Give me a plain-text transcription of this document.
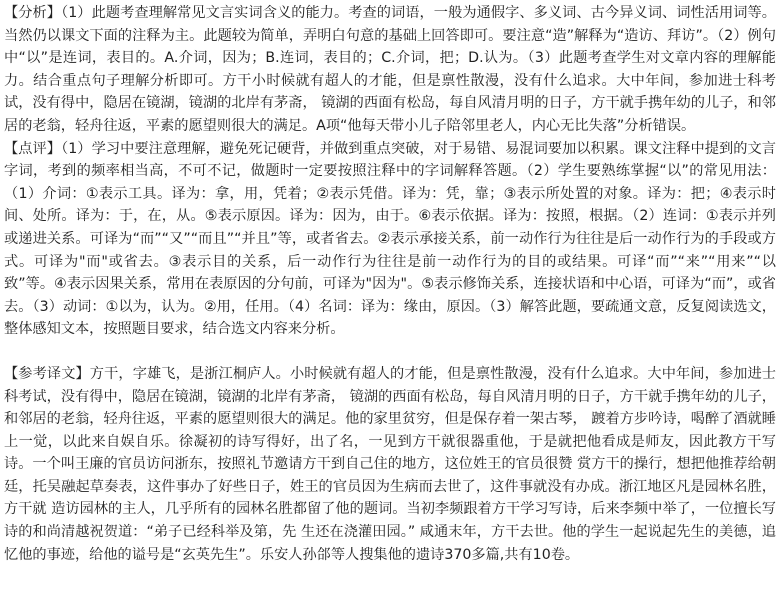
【分析】（1）此题考查理解常见文言实词含义的能力。考查的词语，一般为通假字、多义词、古今异义词、词性活用词等。当然仍以课文下面的注释为主。此题较为简单，弄明白句意的基础上回答即可。要注意“造”解释为“造访、拜访”。（2）例句中“以”是连词，表目的。A.介词，因为；B.连词，表目的；C.介词，把；D.认为。（3）此题考查学生对文章内容的理解能力。结合重点句子理解分析即可。方干小时候就有超人的才能，但是禀性散漫，没有什么追求。大中年间，参加进士科考试，没有得中，隐居在镜湖，镜湖的北岸有茅斋， 镜湖的西面有松岛，每自风清月明的日子，方干就手携年幼的儿子，和邻居的老翁，轻舟往返，平素的愿望则很大的满足。A项“他每天带小儿子陪邻里老人，内心无比失落”分析错误。

【点评】（1）学习中要注意理解，避免死记硬背，并做到重点突破，对于易错、易混词要加以积累。课文注释中提到的文言字词，考到的频率相当高，不可不记，做题时一定要按照注释中的字词解释答题。（2）学生要熟练掌握“以”的常见用法：（1）介词：①表示工具。译为：拿，用，凭着；②表示凭借。译为：凭，靠；③表示所处置的对象。译为：把；④表示时间、处所。译为：于，在，从。⑤表示原因。译为：因为，由于。⑥表示依据。译为：按照，根据。（2）连词：①表示并列或递进关系。可译为“而”“又”“而且”“并且”等，或者省去。②表示承接关系，前一动作行为往往是后一动作行为的手段或方式。可译为"而"或省去。③表示目的关系，后一动作行为往往是前一动作行为的目的或结果。可译“而”“来”“用来”“以致”等。④表示因果关系，常用在表原因的分句前，可译为"因为"。⑤表示修饰关系，连接状语和中心语，可译为“而”，或省去。（3）动词：①以为，认为。②用，任用。（4）名词：译为：缘由，原因。（3）解答此题，要疏通文意，反复阅读选文，整体感知文本，按照题目要求，结合选文内容来分析。

【参考译文】方干，字雄飞，是浙江桐庐人。小时候就有超人的才能，但是禀性散漫，没有什么追求。大中年间，参加进士科考试，没有得中，隐居在镜湖，镜湖的北岸有茅斋， 镜湖的西面有松岛，每自风清月明的日子，方干就手携年幼的儿子，和邻居的老翁，轻舟往返，平素的愿望则很大的满足。他的家里贫穷，但是保存着一架古琴， 踱着方步吟诗，喝醉了酒就睡上一觉，以此来自娱自乐。徐凝初的诗写得好，出了名，一见到方干就很器重他，于是就把他看成是师友，因此教方干写诗。一个叫王廉的官员访问浙东，按照礼节邀请方干到自己住的地方，这位姓王的官员很赞 赏方干的操行，想把他推荐给朝廷，托吴融起草奏表，这件事办了好些日子，姓王的官员因为生病而去世了，这件事就没有办成。浙江地区凡是园林名胜，方干就 造访园林的主人，几乎所有的园林名胜都留了他的题词。当初李频跟着方干学习写诗，后来李频中举了，一位擅长写诗的和尚清越祝贺道：“弟子已经科举及第，先 生还在浇灌田园。” 咸通末年，方干去世。他的学生一起说起先生的美德，追忆他的事迹，给他的谥号是“玄英先生”。乐安人孙郃等人搜集他的遗诗370多篇,共有10卷。
